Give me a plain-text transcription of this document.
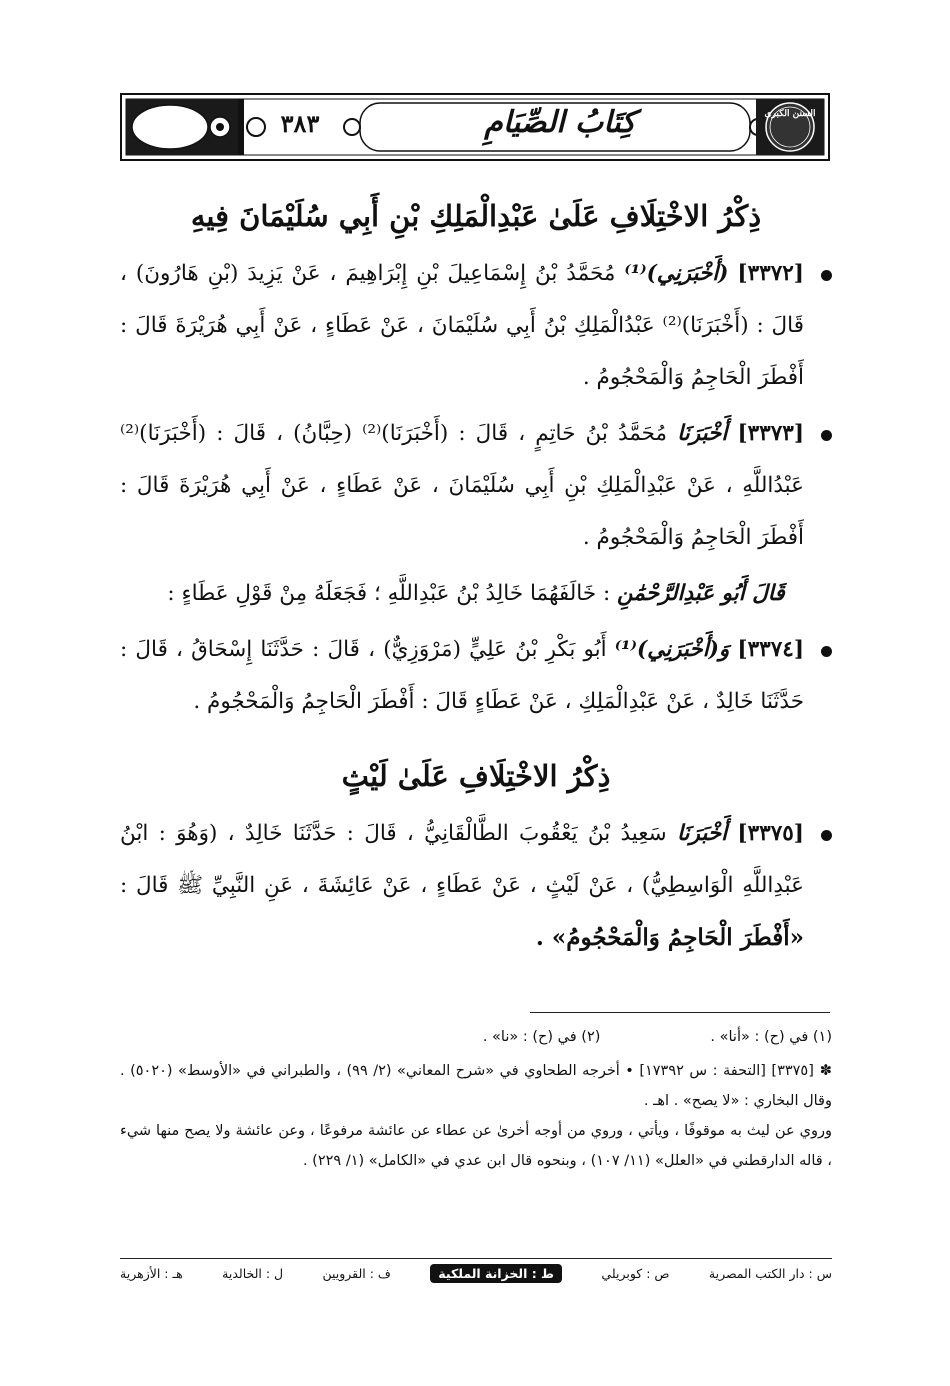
٣٨٣	كِتَابُ الصِّيَامِ	السنن الكبرى
ذِكْرُ الاخْتِلَافِ عَلَىٰ عَبْدِالْمَلِكِ بْنِ أَبِي سُلَيْمَانَ فِيهِ

[٣٣٧٢] (أَخْبَرَنِي)⁽¹⁾ مُحَمَّدُ بْنُ إِسْمَاعِيلَ بْنِ إِبْرَاهِيمَ ، عَنْ يَزِيدَ (بْنِ هَارُونَ) ، قَالَ : (أَخْبَرَنَا)⁽²⁾ عَبْدُالْمَلِكِ بْنُ أَبِي سُلَيْمَانَ ، عَنْ عَطَاءٍ ، عَنْ أَبِي هُرَيْرَةَ قَالَ : أَفْطَرَ الْحَاجِمُ وَالْمَحْجُومُ .

[٣٣٧٣] أَخْبَرَنَا مُحَمَّدُ بْنُ حَاتِمٍ ، قَالَ : (أَخْبَرَنَا)⁽²⁾ (حِبَّانُ) ، قَالَ : (أَخْبَرَنَا)⁽²⁾ عَبْدُاللَّهِ ، عَنْ عَبْدِالْمَلِكِ بْنِ أَبِي سُلَيْمَانَ ، عَنْ عَطَاءٍ ، عَنْ أَبِي هُرَيْرَةَ قَالَ : أَفْطَرَ الْحَاجِمُ وَالْمَحْجُومُ .

قَالَ أَبُو عَبْدِالرَّحْمَٰنِ : خَالَفَهُمَا خَالِدُ بْنُ عَبْدِاللَّهِ ؛ فَجَعَلَهُ مِنْ قَوْلِ عَطَاءٍ :

[٣٣٧٤] وَ(أَخْبَرَنِي)⁽¹⁾ أَبُو بَكْرِ بْنُ عَلِيٍّ (مَرْوَزِيٌّ) ، قَالَ : حَدَّثَنَا إِسْحَاقُ ، قَالَ : حَدَّثَنَا خَالِدٌ ، عَنْ عَبْدِالْمَلِكِ ، عَنْ عَطَاءٍ قَالَ : أَفْطَرَ الْحَاجِمُ وَالْمَحْجُومُ .

ذِكْرُ الاخْتِلَافِ عَلَىٰ لَيْثٍ

[٣٣٧٥] أَخْبَرَنَا سَعِيدُ بْنُ يَعْقُوبَ الطَّالْقَانِيُّ ، قَالَ : حَدَّثَنَا خَالِدٌ ، (وَهُوَ : ابْنُ عَبْدِاللَّهِ الْوَاسِطِيُّ) ، عَنْ لَيْثٍ ، عَنْ عَطَاءٍ ، عَنْ عَائِشَةَ ، عَنِ النَّبِيِّ ﷺ قَالَ : «أَفْطَرَ الْحَاجِمُ وَالْمَحْجُومُ» .

(١) في (ح) : «أنا» .
(٢) في (ح) : «نا» .

✽ [٣٣٧٥] [التحفة : س ١٧٣٩٢] • أخرجه الطحاوي في «شرح المعاني» (٢/ ٩٩) ، والطبراني في «الأوسط» (٥٠٢٠) . وقال البخاري : «لا يصح» . اهـ .

وروي عن ليث به موقوفًا ، ويأتي ، وروي من أوجه أخرىٰ عن عطاء عن عائشة مرفوعًا ، وعن عائشة ولا يصح منها شيء ، قاله الدارقطني في «العلل» (١١/ ١٠٧) ، وبنحوه قال ابن عدي في «الكامل» (١/ ٢٢٩) .

س : دار الكتب المصرية
ص : كوبريلي
ط : الخزانة الملكية
ف : القرويين
ل : الخالدية
هـ : الأزهرية
